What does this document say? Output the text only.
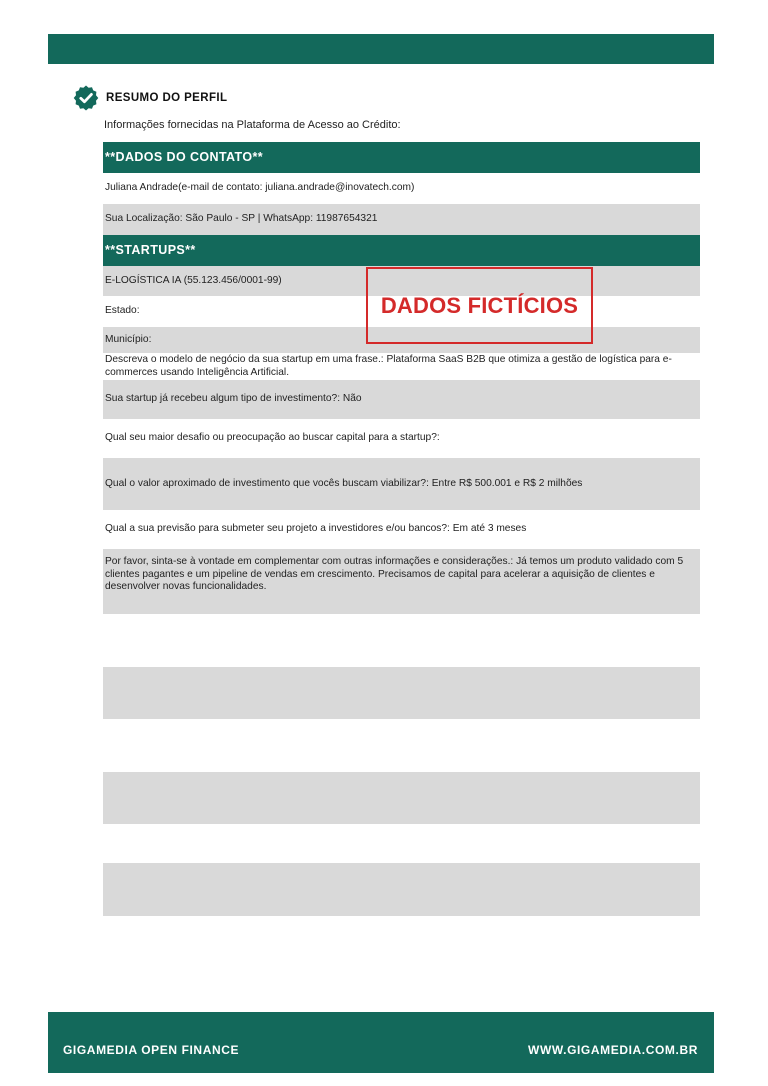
RESUMO DO PERFIL
Informações fornecidas na Plataforma de Acesso ao Crédito:
**DADOS DO CONTATO**
Juliana Andrade(e-mail de contato: juliana.andrade@inovatech.com)
Sua Localização: São Paulo - SP | WhatsApp: 11987654321
**STARTUPS**
E-LOGÍSTICA IA (55.123.456/0001-99)
Estado:
Município:
Descreva o modelo de negócio da sua startup em uma frase.: Plataforma SaaS B2B que otimiza a gestão de logística para e-commerces usando Inteligência Artificial.
Sua startup já recebeu algum tipo de investimento?: Não
Qual seu maior desafio ou preocupação ao buscar capital para a startup?:
Qual o valor aproximado de investimento que vocês buscam viabilizar?: Entre R$ 500.001 e R$ 2 milhões
Qual a sua previsão para submeter seu projeto a investidores e/ou bancos?: Em até 3 meses
Por favor, sinta-se à vontade em complementar com outras informações e considerações.: Já temos um produto validado com 5 clientes pagantes e um pipeline de vendas em crescimento. Precisamos de capital para acelerar a aquisição de clientes e desenvolver novas funcionalidades.
DADOS FICTÍCIOS
GIGAMEDIA OPEN FINANCE	WWW.GIGAMEDIA.COM.BR
